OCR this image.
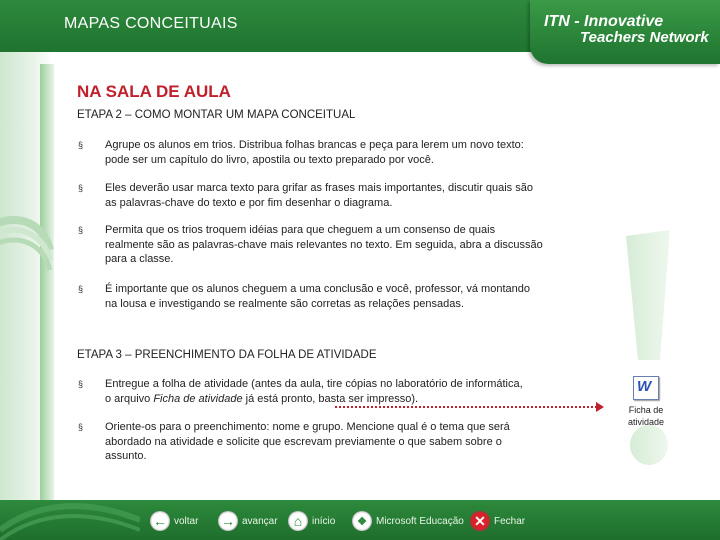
MAPAS CONCEITUAIS	ITN - Innovative
Teachers Network
NA SALA DE AULA
ETAPA 2 – COMO MONTAR UM MAPA CONCEITUAL
§ Agrupe os alunos em trios. Distribua folhas brancas e peça para lerem um novo texto: pode ser um capítulo do livro, apostila ou texto preparado por você.
§ Eles deverão usar marca texto para grifar as frases mais importantes, discutir quais são as palavras-chave do texto e por fim desenhar o diagrama.
§ Permita que os trios troquem idéias para que cheguem a um consenso de quais realmente são as palavras-chave mais relevantes no texto. Em seguida, abra a discussão para a classe.
§ É importante que os alunos cheguem a uma conclusão e você, professor, vá montando na lousa e investigando se realmente são corretas as relações pensadas.
ETAPA 3 – PREENCHIMENTO DA FOLHA DE ATIVIDADE
§ Entregue a folha de atividade (antes da aula, tire cópias no laboratório de informática, o arquivo Ficha de atividade já está pronto, basta ser impresso).
§ Oriente-os para o preenchimento: nome e grupo. Mencione qual é o tema que será abordado na atividade e solicite que escrevam previamente o que sabem sobre o assunto.
W
Ficha de atividade
← voltar → avançar	⌂ início	❖ Microsoft Educação ✕ Fechar
